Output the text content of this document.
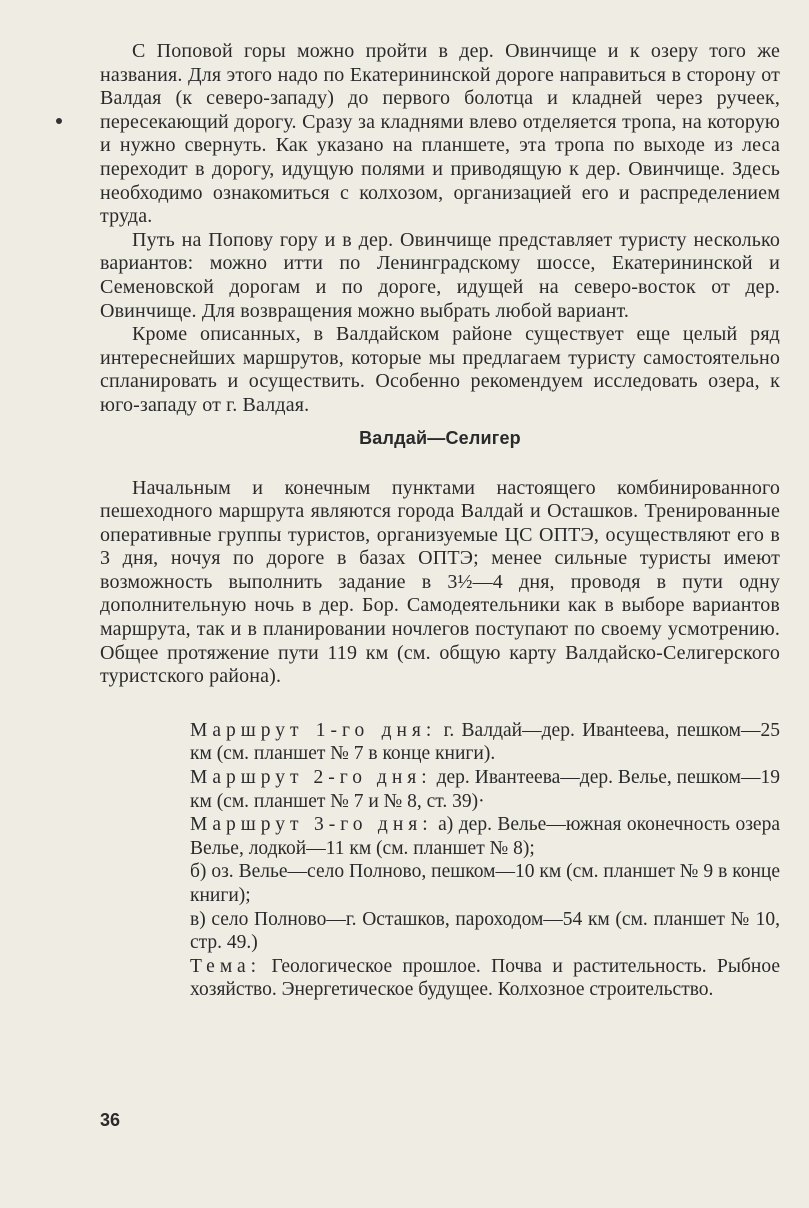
С Поповой горы можно пройти в дер. Овинчище и к озеру того же названия. Для этого надо по Екатерининской дороге направиться в сторону от Валдая (к северо-западу) до первого болотца и кладней через ручеек, пересекающий дорогу. Сразу за кладнями влево отделяется тропа, на которую и нужно свернуть. Как указано на планшете, эта тропа по выходе из леса переходит в дорогу, идущую полями и приводящую к дер. Овинчище. Здесь необходимо ознакомиться с колхозом, организацией его и распределением труда.

Путь на Попову гору и в дер. Овинчище представляет туристу несколько вариантов: можно итти по Ленинградскому шоссе, Екатерининской и Семеновской дорогам и по дороге, идущей на северо-восток от дер. Овинчище. Для возвращения можно выбрать любой вариант.

Кроме описанных, в Валдайском районе существует еще целый ряд интереснейших маршрутов, которые мы предлагаем туристу самостоятельно спланировать и осуществить. Особенно рекомендуем исследовать озера, к юго-западу от г. Валдая.

Валдай—Селигер

Начальным и конечным пунктами настоящего комбинированного пешеходного маршрута являются города Валдай и Осташков. Тренированные оперативные группы туристов, организуемые ЦС ОПТЭ, осуществляют его в 3 дня, ночуя по дороге в базах ОПТЭ; менее сильные туристы имеют возможность выполнить задание в 3½—4 дня, проводя в пути одну дополнительную ночь в дер. Бор. Самодеятельники как в выборе вариантов маршрута, так и в планировании ночлегов поступают по своему усмотрению. Общее протяжение пути 119 км (см. общую карту Валдайско-Селигерского туристского района).

Маршрут 1-го дня: г. Валдай—дер. Иванteева, пешком—25 км (см. планшет № 7 в конце книги).

Маршрут 2-го дня: дер. Ивантеева—дер. Велье, пешком—19 км (см. планшет № 7 и № 8, ст. 39)·

Маршрут 3-го дня: а) дер. Велье—южная оконечность озера Велье, лодкой—11 км (см. планшет № 8);

б) оз. Велье—село Полново, пешком—10 км (см. планшет № 9 в конце книги);

в) село Полново—г. Осташков, пароходом—54 км (см. планшет № 10, стр. 49.)

Тема: Геологическое прошлое. Почва и растительность. Рыбное хозяйство. Энергетическое будущее. Колхозное строительство.

36
